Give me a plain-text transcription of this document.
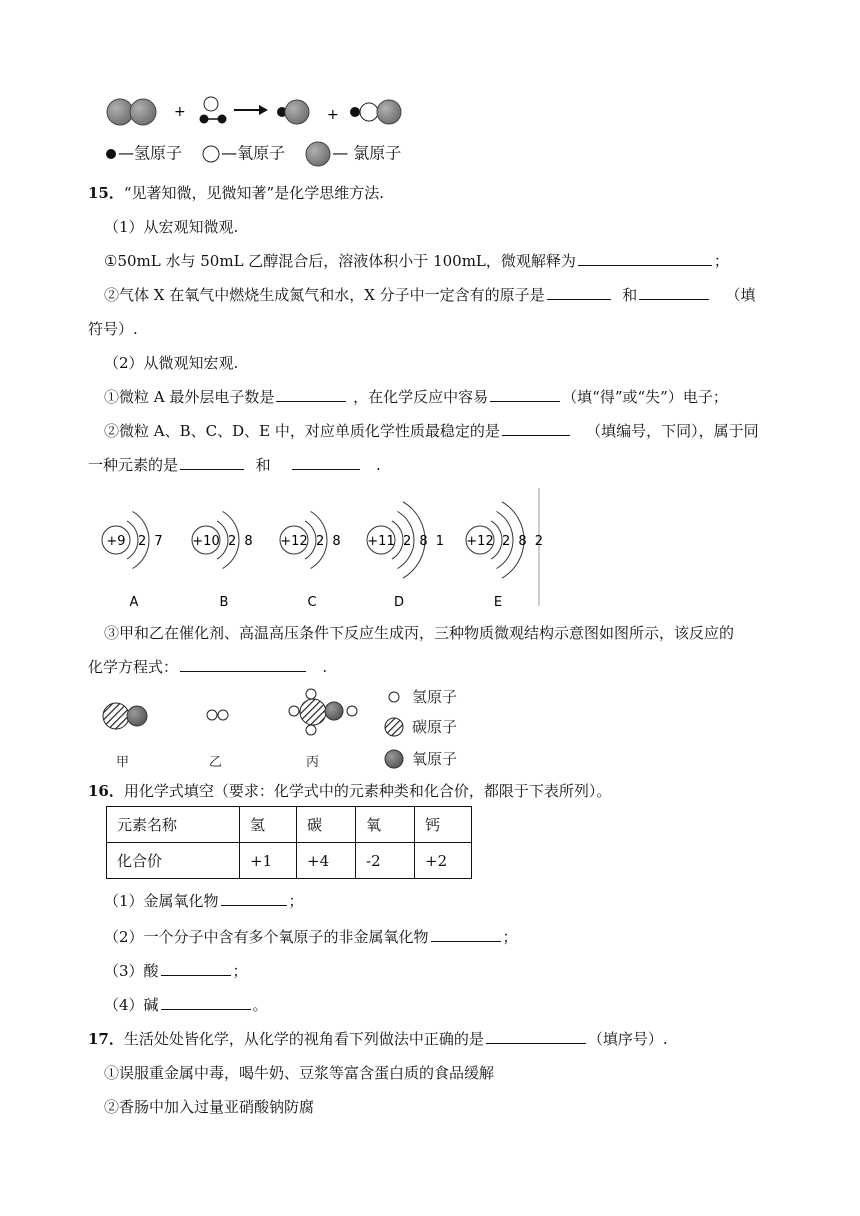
+	+
—氢原子 —氧原子	— 氯原子
15．“见著知微，见微知著”是化学思维方法.
（1）从宏观知微观.
①50mL 水与 50mL 乙醇混合后，溶液体积小于 100mL，微观解释为	；
②气体 X 在氧气中燃烧生成氮气和水，X 分子中一定含有的原子是	和	（填
符号）.
（2）从微观知宏观.
①微粒 A 最外层电子数是	，在化学反应中容易	（填“得”或“失”）电子；
②微粒 A、B、C、D、E 中，对应单质化学性质最稳定的是	（填编号，下同），属于同
一种元素的是	和	.
+9 2 7
A
+10 2 8
B
+12 2 8
C
+11 2 8 1
D
+12 2 8 2
E
③甲和乙在催化剂、高温高压条件下反应生成丙，三种物质微观结构示意图如图所示，该反应的
化学方程式：	.
甲	乙	丙
氢原子
碳原子
氧原子
16．用化学式填空（要求：化学式中的元素种类和化合价，都限于下表所列）。
元素名称	氢	碳	氧	钙
化合价	+1	+4	-2	+2
（1）金属氧化物	；
（2）一个分子中含有多个氧原子的非金属氧化物	；
（3）酸	；
（4）碱	。
17．生活处处皆化学，从化学的视角看下列做法中正确的是	（填序号）.
①误服重金属中毒，喝牛奶、豆浆等富含蛋白质的食品缓解
②香肠中加入过量亚硝酸钠防腐
